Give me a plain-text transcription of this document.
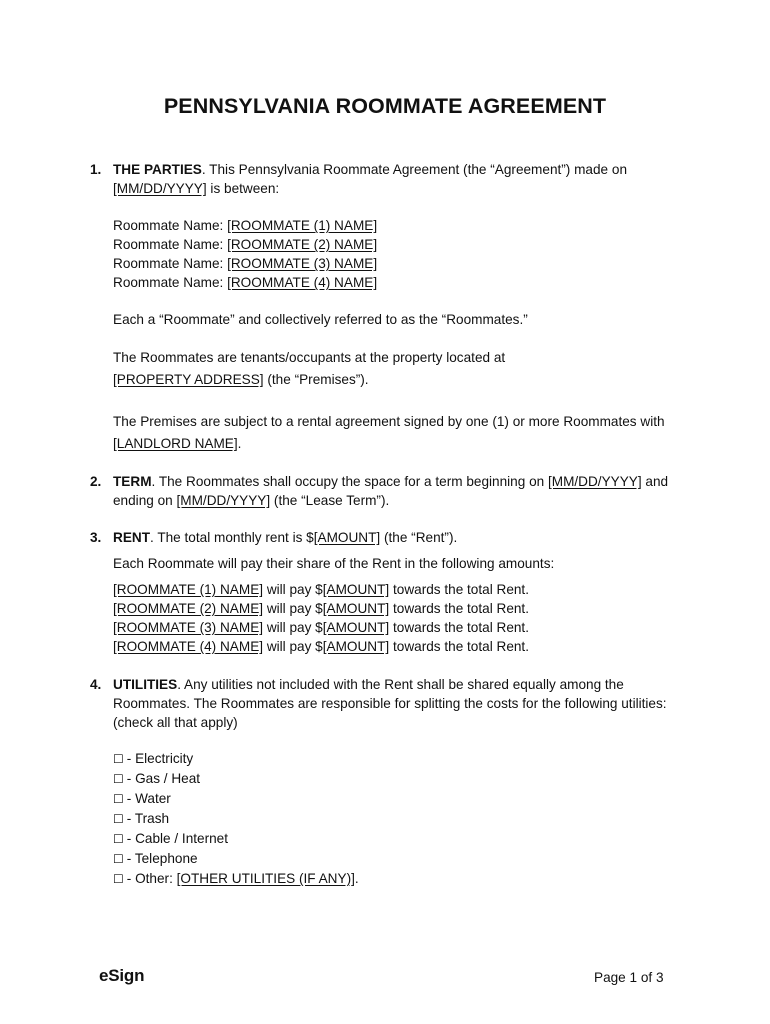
PENNSYLVANIA ROOMMATE AGREEMENT
1. THE PARTIES. This Pennsylvania Roommate Agreement (the “Agreement”) made on
[MM/DD/YYYY] is between:
Roommate Name: [ROOMMATE (1) NAME]
Roommate Name: [ROOMMATE (2) NAME]
Roommate Name: [ROOMMATE (3) NAME]
Roommate Name: [ROOMMATE (4) NAME]
Each a “Roommate” and collectively referred to as the “Roommates.”
The Roommates are tenants/occupants at the property located at
[PROPERTY ADDRESS] (the “Premises”).
The Premises are subject to a rental agreement signed by one (1) or more Roommates with
[LANDLORD NAME].
2. TERM. The Roommates shall occupy the space for a term beginning on [MM/DD/YYYY] and
ending on [MM/DD/YYYY] (the “Lease Term”).
3. RENT. The total monthly rent is $[AMOUNT] (the “Rent”).
Each Roommate will pay their share of the Rent in the following amounts:
[ROOMMATE (1) NAME] will pay $[AMOUNT] towards the total Rent.
[ROOMMATE (2) NAME] will pay $[AMOUNT] towards the total Rent.
[ROOMMATE (3) NAME] will pay $[AMOUNT] towards the total Rent.
[ROOMMATE (4) NAME] will pay $[AMOUNT] towards the total Rent.
4. UTILITIES. Any utilities not included with the Rent shall be shared equally among the
Roommates. The Roommates are responsible for splitting the costs for the following utilities:
(check all that apply)
☐ - Electricity
☐ - Gas / Heat
☐ - Water
☐ - Trash
☐ - Cable / Internet
☐ - Telephone
☐ - Other: [OTHER UTILITIES (IF ANY)].
eSign	Page 1 of 3
